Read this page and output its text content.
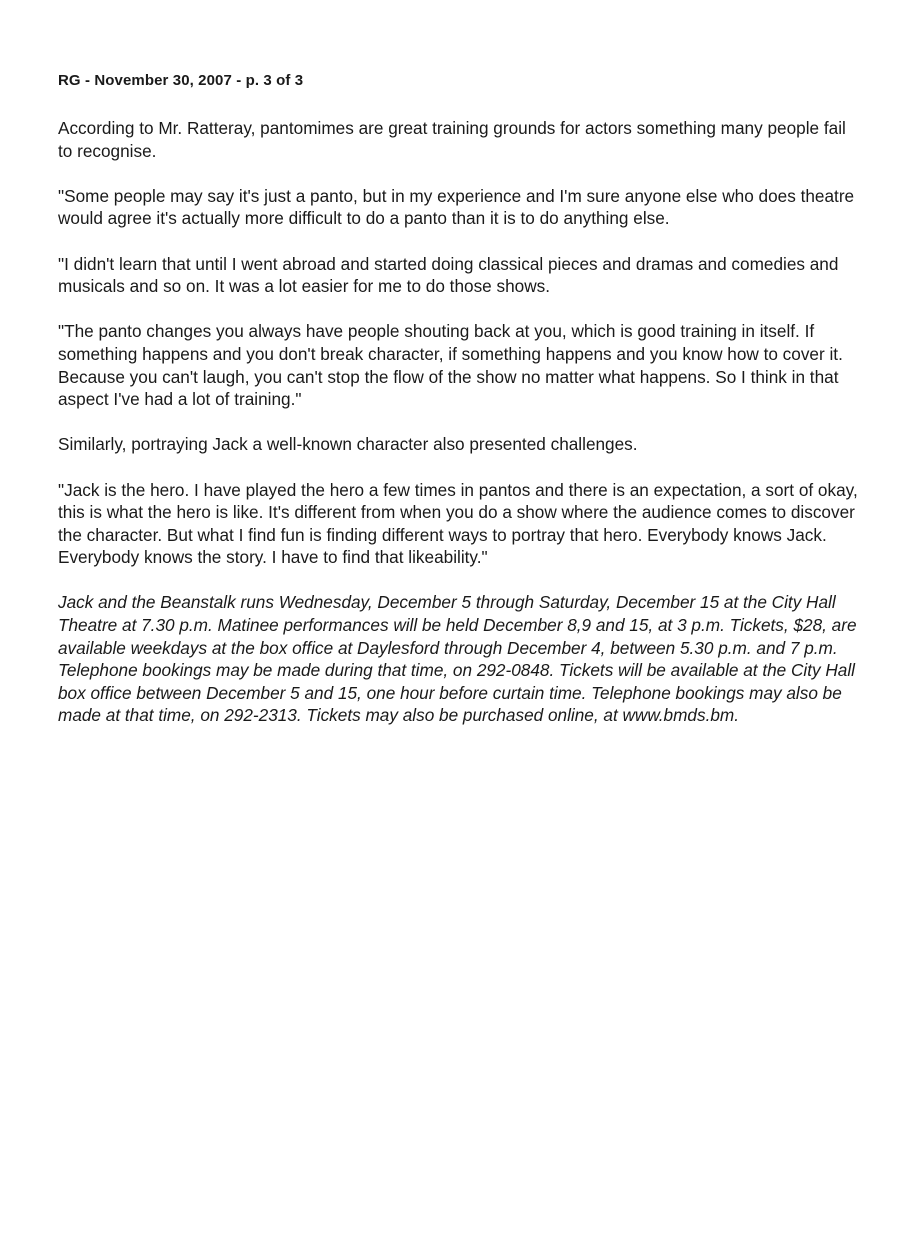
RG - November 30, 2007 - p. 3 of 3

According to Mr. Ratteray, pantomimes are great training grounds for actors something many people fail to recognise.

"Some people may say it's just a panto, but in my experience and I'm sure anyone else who does theatre would agree it's actually more difficult to do a panto than it is to do anything else.

"I didn't learn that until I went abroad and started doing classical pieces and dramas and comedies and musicals and so on. It was a lot easier for me to do those shows.

"The panto changes you always have people shouting back at you, which is good training in itself. If something happens and you don't break character, if something happens and you know how to cover it. Because you can't laugh, you can't stop the flow of the show no matter what happens. So I think in that aspect I've had a lot of training."

Similarly, portraying Jack a well-known character also presented challenges.

"Jack is the hero. I have played the hero a few times in pantos and there is an expectation, a sort of okay, this is what the hero is like. It's different from when you do a show where the audience comes to discover the character. But what I find fun is finding different ways to portray that hero. Everybody knows Jack. Everybody knows the story. I have to find that likeability."

Jack and the Beanstalk runs Wednesday, December 5 through Saturday, December 15 at the City Hall Theatre at 7.30 p.m. Matinee performances will be held December 8,9 and 15, at 3 p.m. Tickets, $28, are available weekdays at the box office at Daylesford through December 4, between 5.30 p.m. and 7 p.m. Telephone bookings may be made during that time, on 292-0848. Tickets will be available at the City Hall box office between December 5 and 15, one hour before curtain time. Telephone bookings may also be made at that time, on 292-2313. Tickets may also be purchased online, at www.bmds.bm.
